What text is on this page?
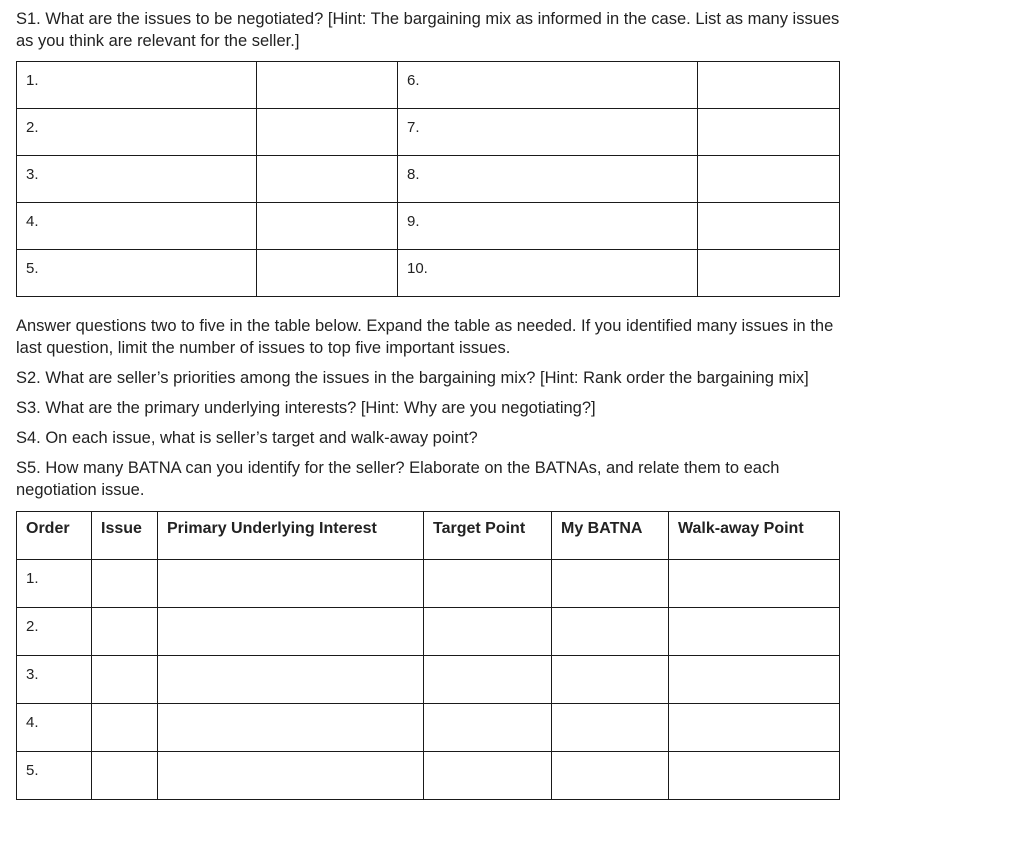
S1. What are the issues to be negotiated? [Hint: The bargaining mix as informed in the case. List as many issues as you think are relevant for the seller.]

1.		6.	
2.		7.	
3.		8.	
4.		9.	
5.		10.	

Answer questions two to five in the table below. Expand the table as needed. If you identified many issues in the last question, limit the number of issues to top five important issues.

S2. What are seller’s priorities among the issues in the bargaining mix? [Hint: Rank order the bargaining mix]

S3. What are the primary underlying interests? [Hint: Why are you negotiating?]

S4. On each issue, what is seller’s target and walk-away point?

S5. How many BATNA can you identify for the seller? Elaborate on the BATNAs, and relate them to each negotiation issue.

Order	Issue	Primary Underlying Interest	Target Point	My BATNA	Walk-away Point
1.					
2.					
3.					
4.					
5.					
